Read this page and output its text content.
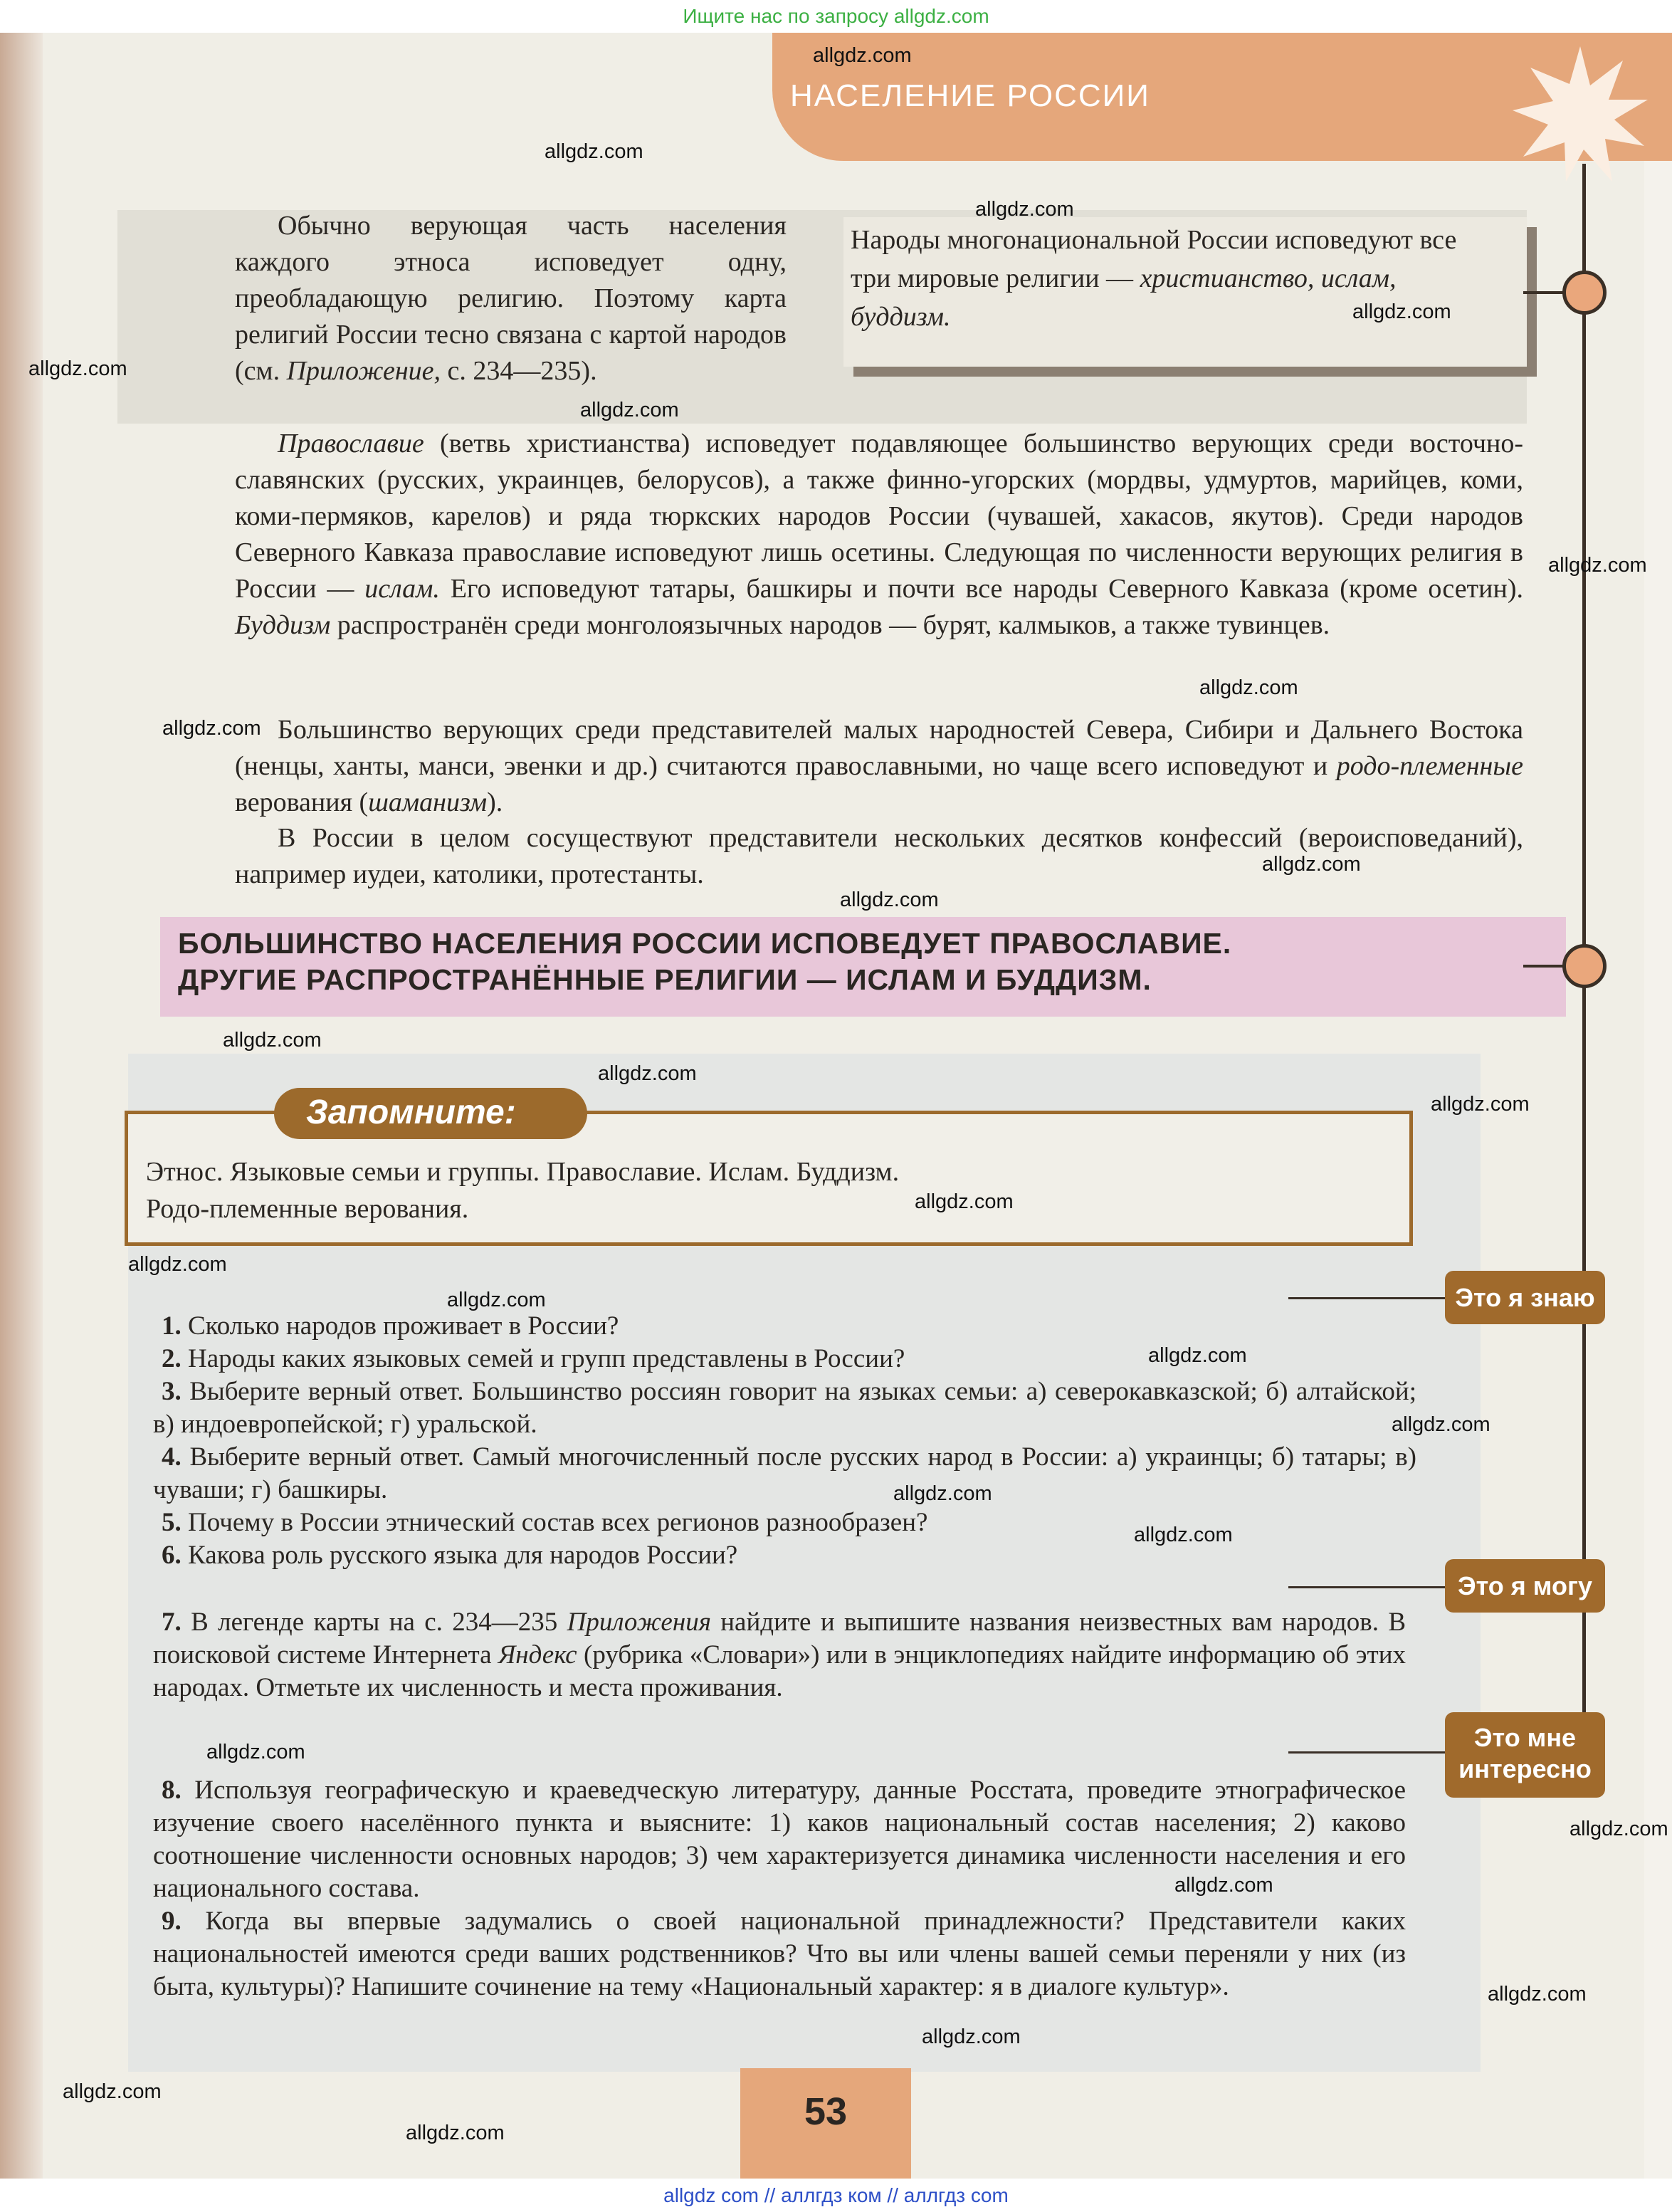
Ищите нас по запросу allgdz.com
НАСЕЛЕНИЕ РОССИИ
Народы многонациональной России исповедуют все три мировые религии — христианство, ислам, буддизм.
Обычно верующая часть населения каждого этноса исповедует одну, преобладающую религию. Поэтому карта религий России тесно связана с картой народов (см. Приложение, с. 234—235).
Православие (ветвь христианства) исповедует подавляющее большинство верующих среди восточно-славянских (русских, украинцев, белорусов), а также финно-угорских (мордвы, удмуртов, марийцев, коми, коми-пермяков, карелов) и ряда тюркских народов России (чувашей, хакасов, якутов). Среди народов Северного Кавказа православие исповедуют лишь осетины. Следующая по численности верующих религия в России — ислам. Его исповедуют татары, башкиры и почти все народы Северного Кавказа (кроме осетин). Буддизм распространён среди монголоязычных народов — бурят, калмыков, а также тувинцев.
Большинство верующих среди представителей малых народностей Севера, Сибири и Дальнего Востока (ненцы, ханты, манси, эвенки и др.) считаются православными, но чаще всего исповедуют и родо-племенные верования (шаманизм).
В России в целом сосуществуют представители нескольких десятков конфессий (вероисповеданий), например иудеи, католики, протестанты.
БОЛЬШИНСТВО НАСЕЛЕНИЯ РОССИИ ИСПОВЕДУЕТ ПРАВОСЛАВИЕ.
ДРУГИЕ РАСПРОСТРАНЁННЫЕ РЕЛИГИИ — ИСЛАМ И БУДДИЗМ.
Запомните:
Этнос. Языковые семьи и группы. Православие. Ислам. Буддизм.
Родо-племенные верования.
1. Сколько народов проживает в России?
2. Народы каких языковых семей и групп представлены в России?
3. Выберите верный ответ. Большинство россиян говорит на языках семьи: а) северокавказской; б) алтайской; в) индоевропейской; г) уральской.
4. Выберите верный ответ. Самый многочисленный после русских народ в России: а) украинцы; б) татары; в) чуваши; г) башкиры.
5. Почему в России этнический состав всех регионов разнообразен?
6. Какова роль русского языка для народов России?
7. В легенде карты на с. 234—235 Приложения найдите и выпишите названия неизвестных вам народов. В поисковой системе Интернета Яндекс (рубрика «Словари») или в энциклопедиях найдите информацию об этих народах. Отметьте их численность и места проживания.
8. Используя географическую и краеведческую литературу, данные Росстата, проведите этнографическое изучение своего населённого пункта и выясните: 1) каков национальный состав населения; 2) каково соотношение численности основных народов; 3) чем характеризуется динамика численности населения и его национального состава.
9. Когда вы впервые задумались о своей национальной принадлежности? Представители каких национальностей имеются среди ваших родственников? Что вы или члены вашей семьи переняли у них (из быта, культуры)? Напишите сочинение на тему «Национальный характер: я в диалоге культур».
Это я знаю
Это я могу
Это мне
интересно
53
allgdz.com
allgdz.com
allgdz.com
allgdz.com
allgdz.com
allgdz.com
allgdz.com
allgdz.com
allgdz.com
allgdz.com
allgdz.com
allgdz.com
allgdz.com
allgdz.com
allgdz.com
allgdz.com
allgdz.com
allgdz.com
allgdz.com
allgdz.com
allgdz.com
allgdz.com
allgdz.com
allgdz.com
allgdz.com
allgdz.com
allgdz.com
allgdz.com
allgdz com // аллгдз ком // аллгдз com
